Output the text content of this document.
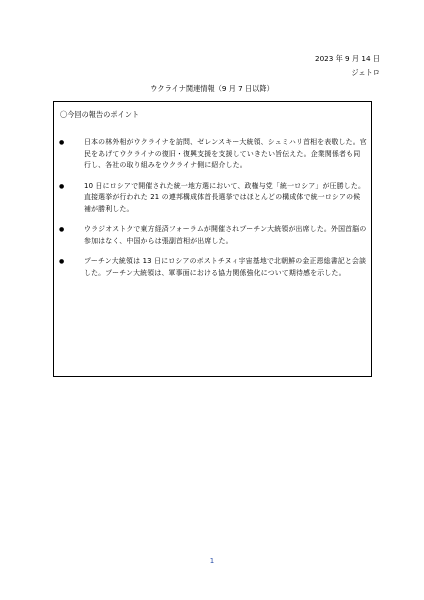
2023 年 9 月 14 日
ジェトロ
ウクライナ関連情報（9 月 7 日以降）
〇今回の報告のポイント
●	日本の林外相がウクライナを訪問、ゼレンスキー大統領、シュミハリ首相を表敬した。官民をあげてウクライナの復旧・復興支援を支援していきたい旨伝えた。企業関係者も同行し、各社の取り組みをウクライナ側に紹介した。
●	10 日にロシアで開催された統一地方選において、政権与党「統一ロシア」が圧勝した。直接選挙が行われた 21 の連邦構成体首長選挙ではほとんどの構成体で統一ロシアの候補が勝利した。
●	ウラジオストクで東方経済フォーラムが開催されプーチン大統領が出席した。外国首脳の参加はなく、中国からは張副首相が出席した。
●	プーチン大統領は 13 日にロシアのボストチヌィ宇宙基地で北朝鮮の金正恩総書記と会談した。プーチン大統領は、軍事面における協力関係強化について期待感を示した。
1
